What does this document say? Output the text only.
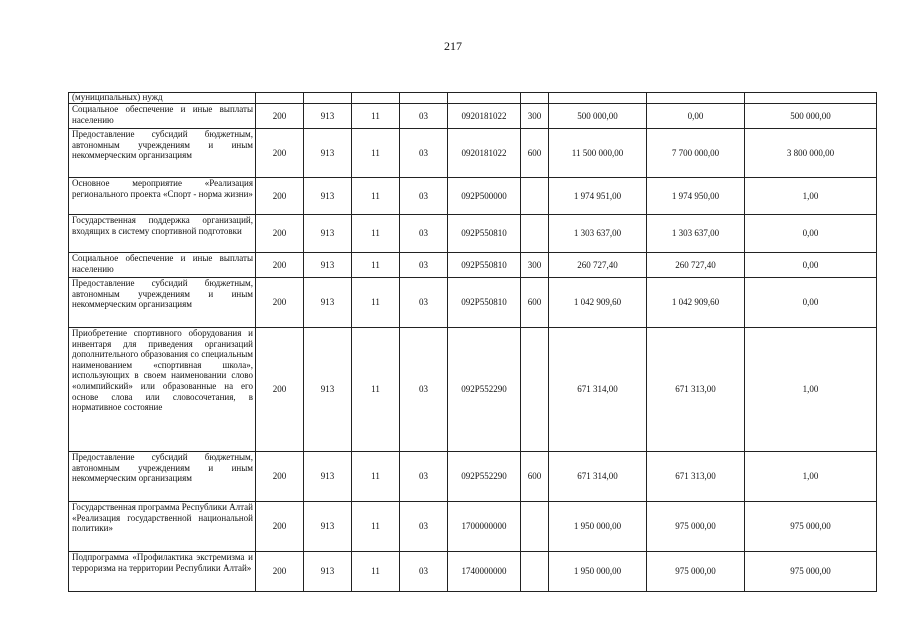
217
(муниципальных) нужд									
Социальное обеспечение и иные выплаты населению	200	913	11	03	0920181022	300	500 000,00	0,00	500 000,00
Предоставление субсидий бюджетным, автономным учреждениям и иным некоммерческим организациям	200	913	11	03	0920181022	600	11 500 000,00	7 700 000,00	3 800 000,00
Основное мероприятие «Реализация регионального проекта «Спорт - норма жизни»	200	913	11	03	092P500000		1 974 951,00	1 974 950,00	1,00
Государственная поддержка организаций, входящих в систему спортивной подготовки	200	913	11	03	092P550810		1 303 637,00	1 303 637,00	0,00
Социальное обеспечение и иные выплаты населению	200	913	11	03	092P550810	300	260 727,40	260 727,40	0,00
Предоставление субсидий бюджетным, автономным учреждениям и иным некоммерческим организациям	200	913	11	03	092P550810	600	1 042 909,60	1 042 909,60	0,00
Приобретение спортивного оборудования и инвентаря для приведения организаций дополнительного образования со специальным наименованием «спортивная школа», использующих в своем наименовании слово «олимпийский» или образованные на его основе слова или словосочетания, в нормативное состояние	200	913	11	03	092P552290		671 314,00	671 313,00	1,00
Предоставление субсидий бюджетным, автономным учреждениям и иным некоммерческим организациям	200	913	11	03	092P552290	600	671 314,00	671 313,00	1,00
Государственная программа Республики Алтай «Реализация государственной национальной политики»	200	913	11	03	1700000000		1 950 000,00	975 000,00	975 000,00
Подпрограмма «Профилактика экстремизма и терроризма на территории Республики Алтай»	200	913	11	03	1740000000		1 950 000,00	975 000,00	975 000,00
